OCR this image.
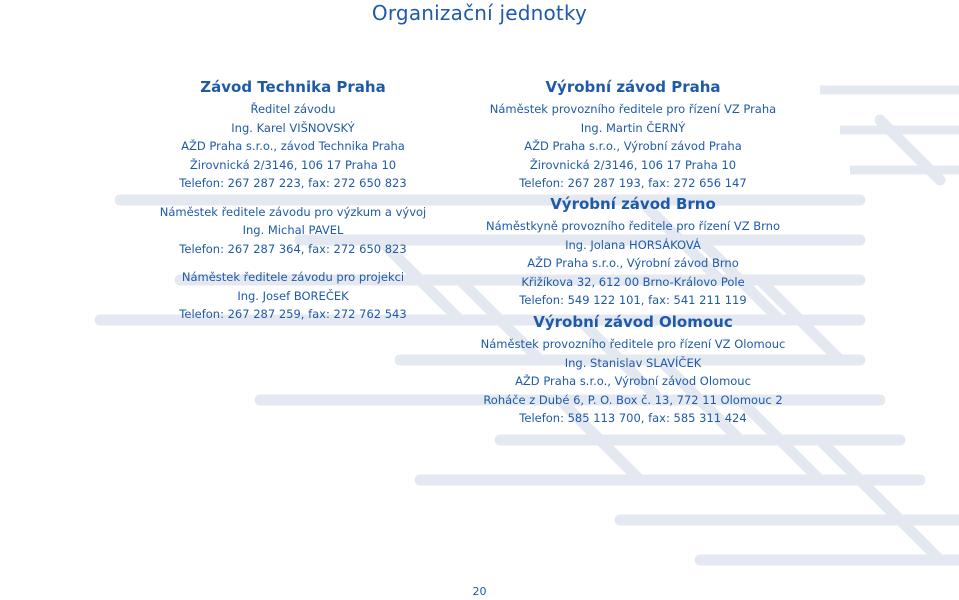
Organizační jednotky
Závod Technika Praha
Ředitel závodu
Ing. Karel VIŠNOVSKÝ
AŽD Praha s.r.o., závod Technika Praha
Žirovnická 2/3146, 106 17 Praha 10
Telefon: 267 287 223, fax: 272 650 823
Náměstek ředitele závodu pro výzkum a vývoj
Ing. Michal PAVEL
Telefon: 267 287 364, fax: 272 650 823
Náměstek ředitele závodu pro projekci
Ing. Josef BOREČEK
Telefon: 267 287 259, fax: 272 762 543
Výrobní závod Praha
Náměstek provozního ředitele pro řízení VZ Praha
Ing. Martin ČERNÝ
AŽD Praha s.r.o., Výrobní závod Praha
Žirovnická 2/3146, 106 17 Praha 10
Telefon: 267 287 193, fax: 272 656 147
Výrobní závod Brno
Náměstkyně provozního ředitele pro řízení VZ Brno
Ing. Jolana HORSÁKOVÁ
AŽD Praha s.r.o., Výrobní závod Brno
Křižíkova 32, 612 00 Brno-Královo Pole
Telefon: 549 122 101, fax: 541 211 119
Výrobní závod Olomouc
Náměstek provozního ředitele pro řízení VZ Olomouc
Ing. Stanislav SLAVÍČEK
AŽD Praha s.r.o., Výrobní závod Olomouc
Roháče z Dubé 6, P. O. Box č. 13, 772 11 Olomouc 2
Telefon: 585 113 700, fax: 585 311 424
20
